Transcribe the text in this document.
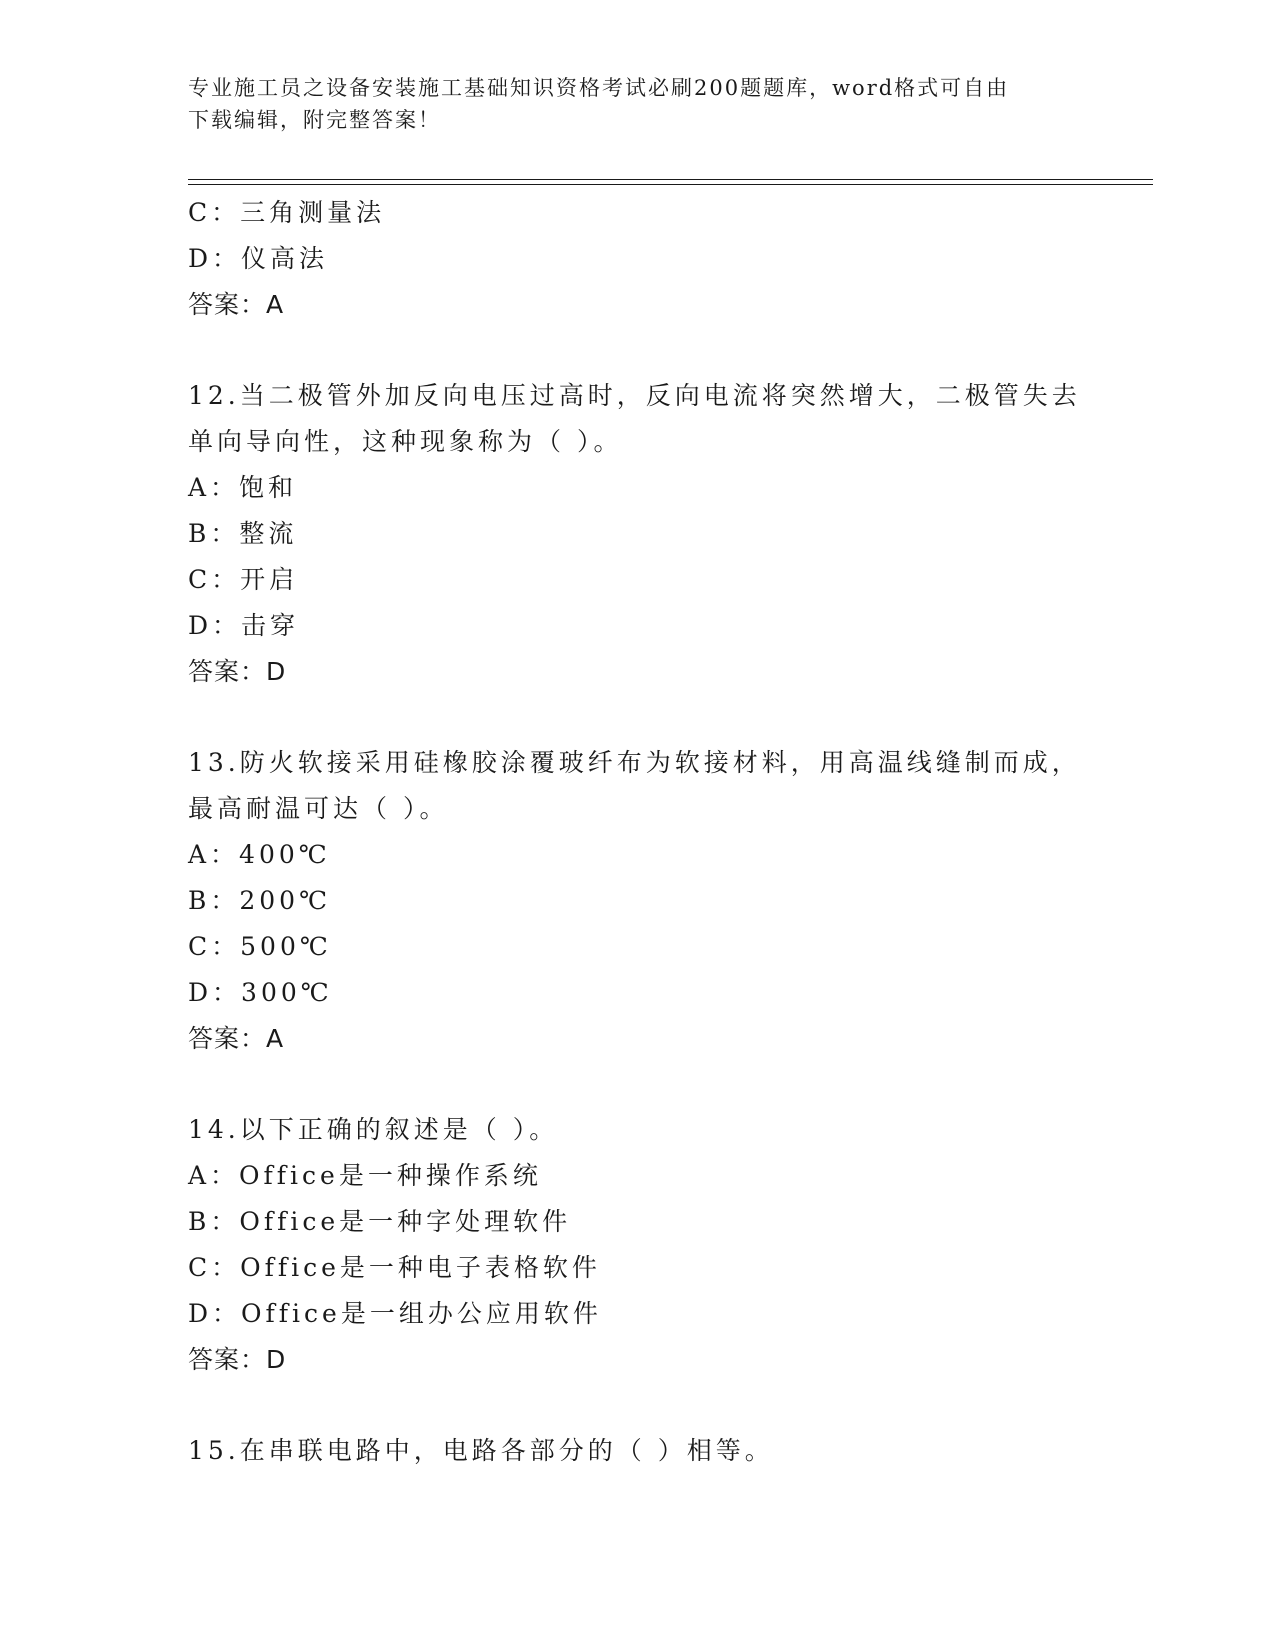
专业施工员之设备安装施工基础知识资格考试必刷200题题库，word格式可自由
下载编辑，附完整答案！
C：三角测量法
D：仪高法
答案：A
12.当二极管外加反向电压过高时，反向电流将突然增大，二极管失去
单向导向性，这种现象称为（ ）。
A：饱和
B：整流
C：开启
D：击穿
答案：D
13.防火软接采用硅橡胶涂覆玻纤布为软接材料，用高温线缝制而成，
最高耐温可达（ ）。
A：400℃
B：200℃
C：500℃
D：300℃
答案：A
14.以下正确的叙述是（ ）。
A：Office是一种操作系统
B：Office是一种字处理软件
C：Office是一种电子表格软件
D：Office是一组办公应用软件
答案：D
15.在串联电路中，电路各部分的（ ）相等。
